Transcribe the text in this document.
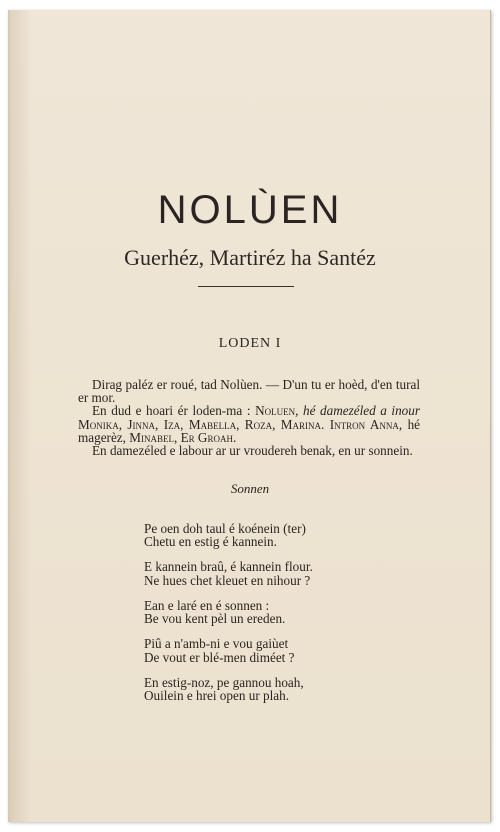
NOLÙEN
Guerhéz, Martiréz ha Santéz
LODEN I

Dirag paléz er roué, tad Nolùen. — D'un tu er hoèd, d'en tural er mor.

En dud e hoari ér loden-ma : Noluen, hé damezéled a inour Monika, Jinna, Iza, Mabella, Roza, Marina. Intron Anna, hé magerèz, Minabel, Er Groah.

En damezéled e labour ar ur vroudereh benak, en ur sonnein.

Sonnen
Pe oen doh taul é koénein (ter)
Chetu en estig é kannein.
E kannein braû, é kannein flour.
Ne hues chet kleuet en nihour ?
Ean e laré en é sonnen :
Be vou kent pèl un ereden.
Piû a n'amb-ni e vou gaiùet
De vout er blé-men diméet ?
En estig-noz, pe gannou hoah,
Ouilein e hrei open ur plah.
